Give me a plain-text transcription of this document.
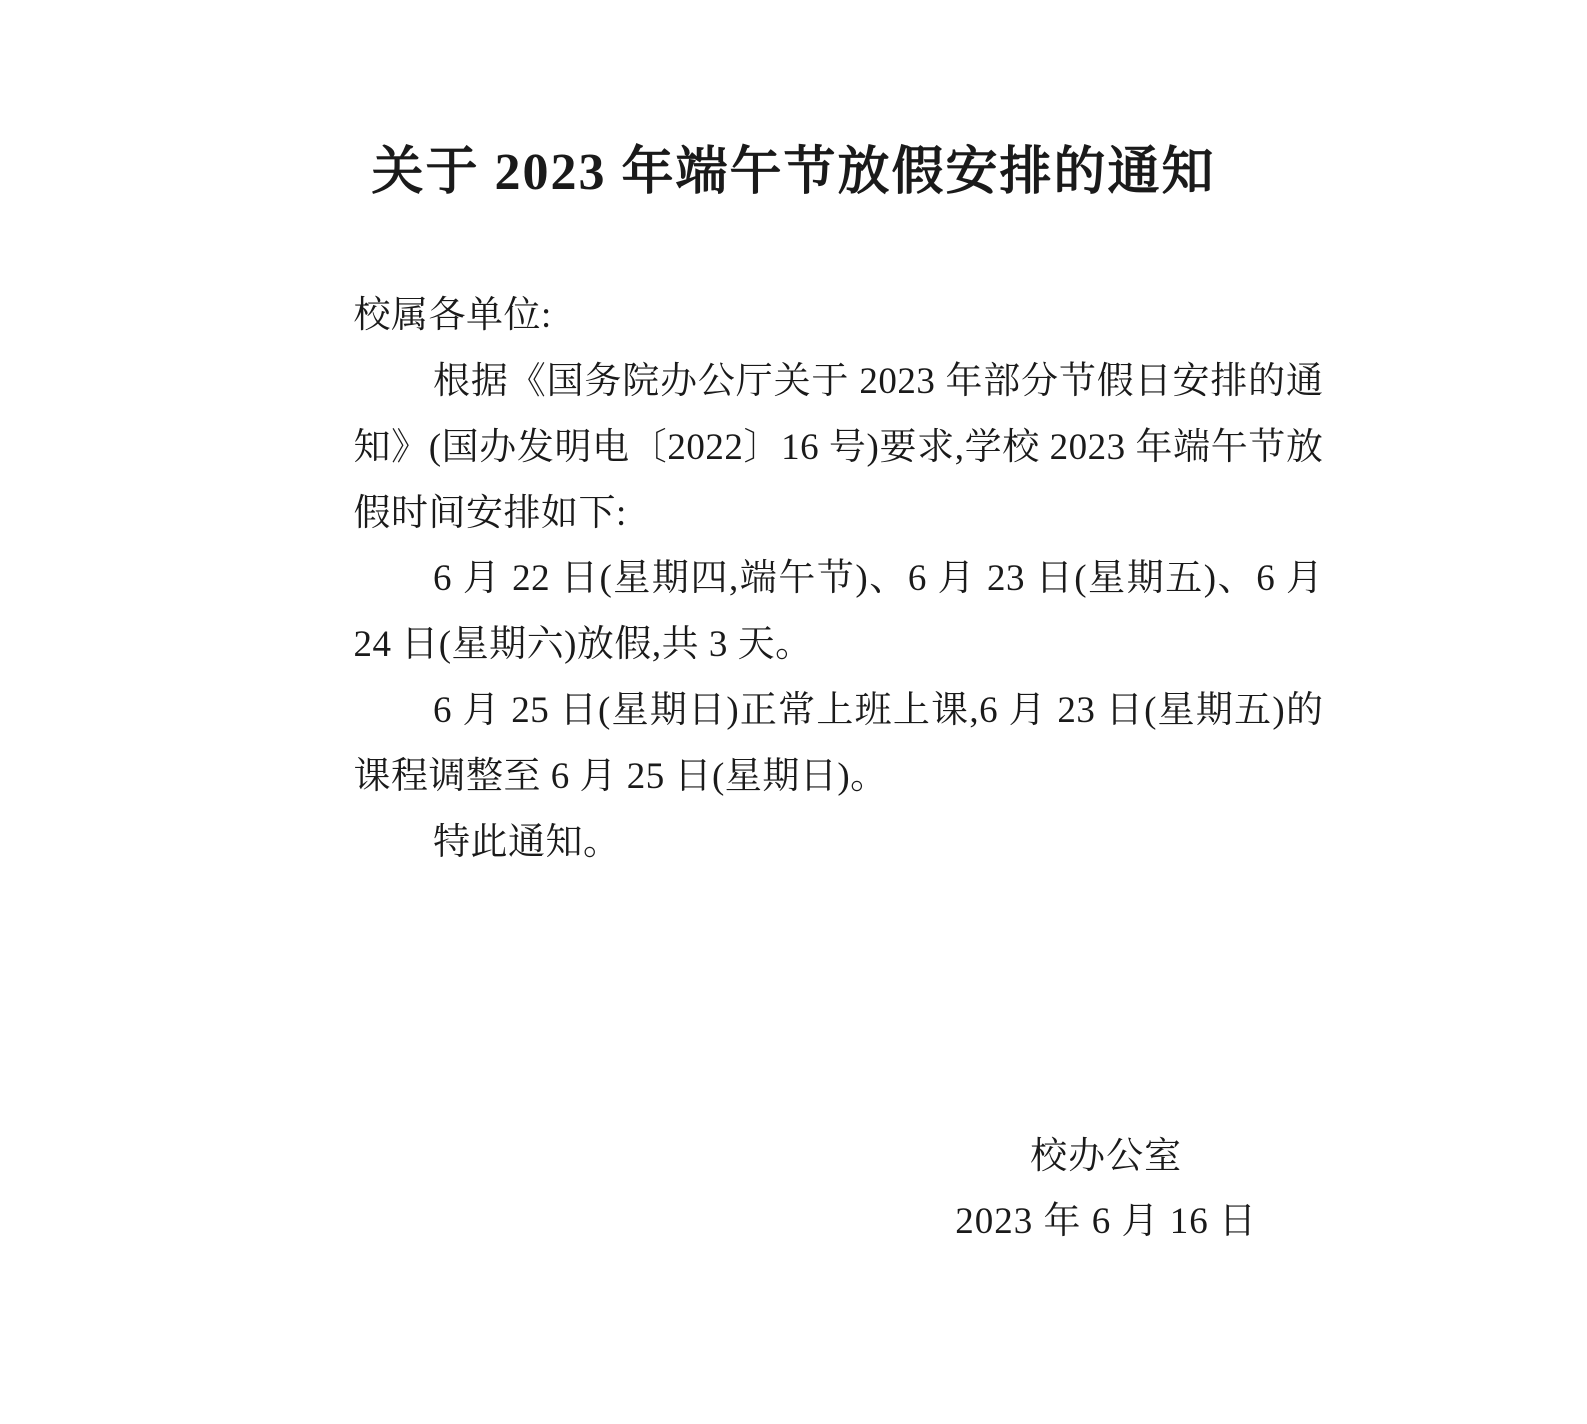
关于 2023 年端午节放假安排的通知

校属各单位:

根据《国务院办公厅关于 2023 年部分节假日安排的通知》(国办发明电〔2022〕16 号)要求,学校 2023 年端午节放假时间安排如下:

6 月 22 日(星期四,端午节)、6 月 23 日(星期五)、6 月 24 日(星期六)放假,共 3 天。

6 月 25 日(星期日)正常上班上课,6 月 23 日(星期五)的课程调整至 6 月 25 日(星期日)。

特此通知。

校办公室
2023 年 6 月 16 日
